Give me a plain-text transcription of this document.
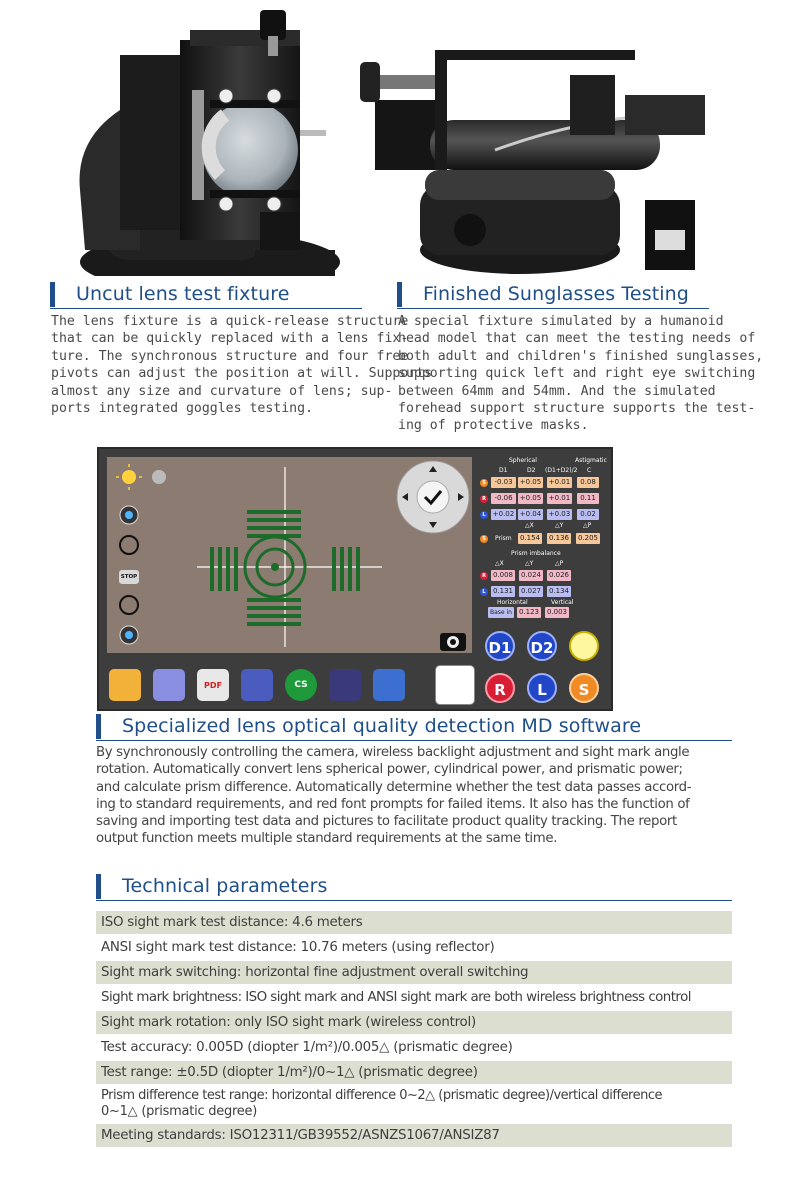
Uncut lens test fixture
The lens fixture is a quick-release structure
that can be quickly replaced with a lens fix-
ture. The synchronous structure and four free
pivots can adjust the position at will. Supports
almost any size and curvature of lens; sup-
ports integrated goggles testing.
Finished Sunglasses Testing
A special fixture simulated by a humanoid
head model that can meet the testing needs of
both adult and children's finished sunglasses,
supporting quick left and right eye switching
between 64mm and 54mm. And the simulated
forehead support structure supports the test-
ing of protective masks.
STOP
PDF	CS
Spherical	Astigmatic
D1	D2 (D1+D2)/2 C
S	-0.03	+0.05 +0.01	0.08
R	-0.06	+0.05 +0.01	0.11
L	+0.02 +0.04 +0.03	0.02
△X	△Y	△P
S	Prism 0.154 0.136 0.205
Prism imbalance
△X	△Y	△P
R 0.008 0.024 0.026
L	0.131 0.027 0.134
Horizontal	Vertical
Base in 0.123 0.003
D1 D2
R	L	S
Specialized lens optical quality detection MD software
By synchronously controlling the camera, wireless backlight adjustment and sight mark angle
rotation. Automatically convert lens spherical power, cylindrical power, and prismatic power;
and calculate prism difference. Automatically determine whether the test data passes accord-
ing to standard requirements, and red font prompts for failed items. It also has the function of
saving and importing test data and pictures to facilitate product quality tracking. The report
output function meets multiple standard requirements at the same time.
Technical parameters
ISO sight mark test distance: 4.6 meters
ANSI sight mark test distance: 10.76 meters (using reflector)
Sight mark switching: horizontal fine adjustment overall switching
Sight mark brightness: ISO sight mark and ANSI sight mark are both wireless brightness control
Sight mark rotation: only ISO sight mark (wireless control)
Test accuracy: 0.005D (diopter 1/m²)/0.005△ (prismatic degree)
Test range: ±0.5D (diopter 1/m²)/0~1△ (prismatic degree)
Prism difference test range: horizontal difference 0~2△ (prismatic degree)/vertical difference
0~1△ (prismatic degree)
Meeting standards: ISO12311/GB39552/ASNZS1067/ANSIZ87
